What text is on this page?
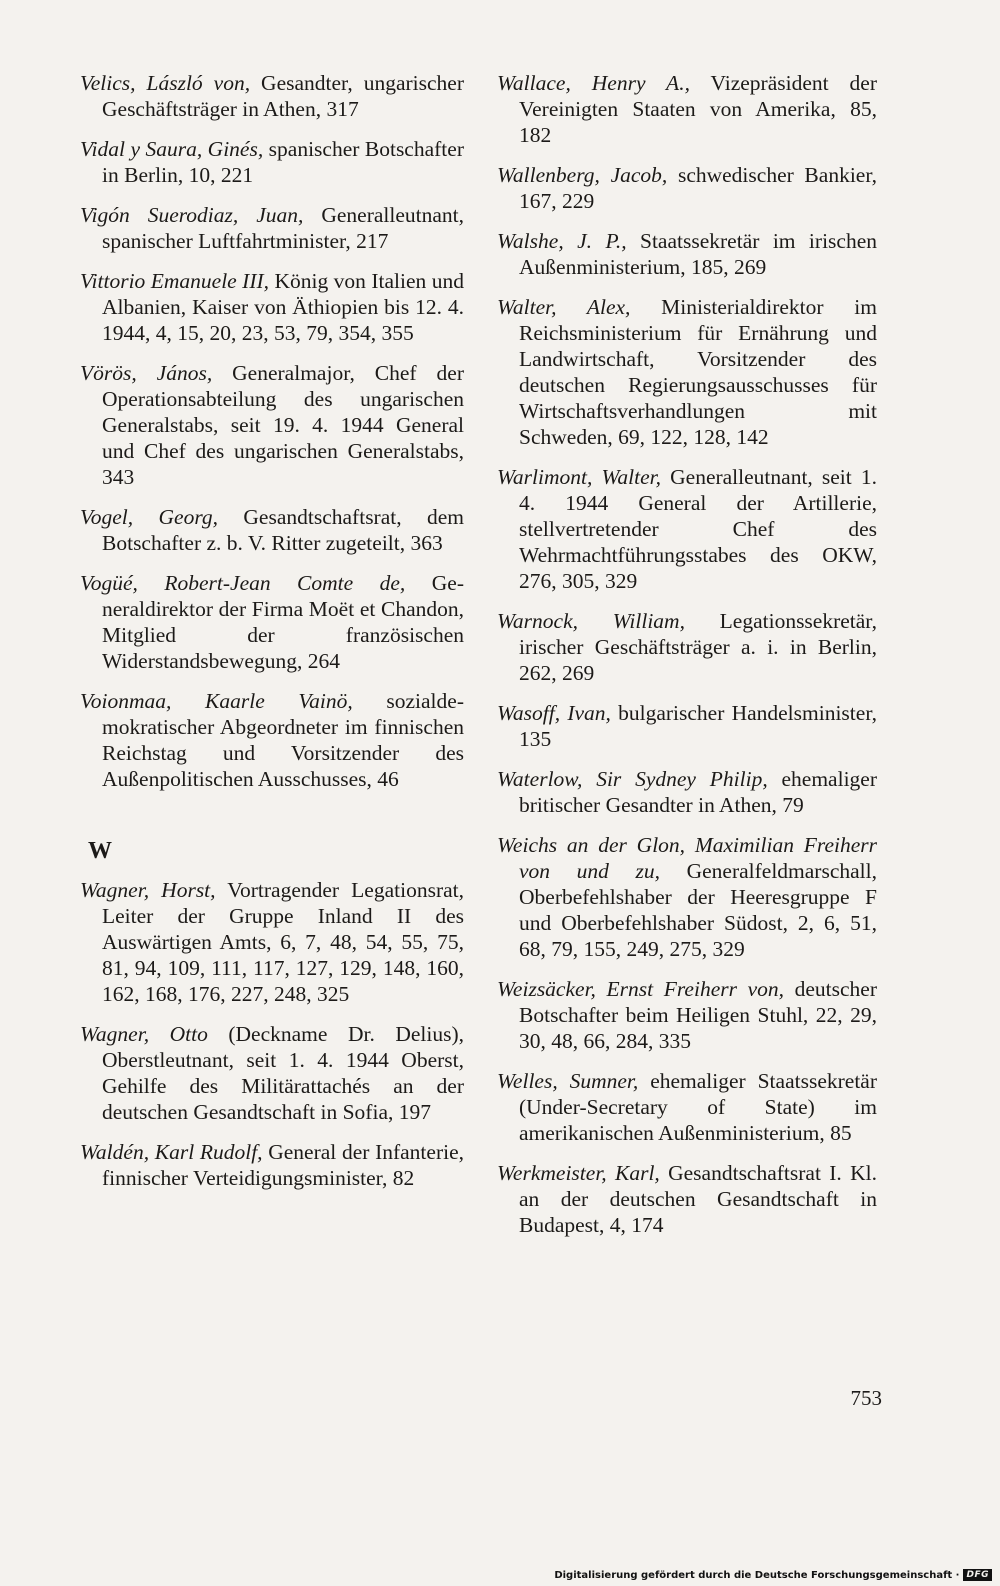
Velics, László von, Gesandter, ungarischer Geschäftsträger in Athen, 317

Vidal y Saura, Ginés, spanischer Botschafter in Berlin, 10, 221

Vigón Suerodiaz, Juan, Generalleutnant, spanischer Luftfahrtminister, 217

Vittorio Emanuele III, König von Italien und Albanien, Kaiser von Äthiopien bis 12. 4. 1944, 4, 15, 20, 23, 53, 79, 354, 355

Vörös, János, Generalmajor, Chef der Operationsabteilung des ungarischen Generalstabs, seit 19. 4. 1944 General und Chef des ungarischen Generalstabs, 343

Vogel, Georg, Gesandtschaftsrat, dem Botschafter z. b. V. Ritter zugeteilt, 363

Vogüé, Robert-Jean Comte de, Generaldirektor der Firma Moët et Chandon, Mitglied der französischen Widerstandsbewegung, 264

Voionmaa, Kaarle Vainö, sozialdemokratischer Abgeordneter im finnischen Reichstag und Vorsitzender des Außenpolitischen Ausschusses, 46

W

Wagner, Horst, Vortragender Legationsrat, Leiter der Gruppe Inland II des Auswärtigen Amts, 6, 7, 48, 54, 55, 75, 81, 94, 109, 111, 117, 127, 129, 148, 160, 162, 168, 176, 227, 248, 325

Wagner, Otto (Deckname Dr. Delius), Oberstleutnant, seit 1. 4. 1944 Oberst, Gehilfe des Militärattachés an der deutschen Gesandtschaft in Sofia, 197

Waldén, Karl Rudolf, General der Infanterie, finnischer Verteidigungsminister, 82

Wallace, Henry A., Vizepräsident der Vereinigten Staaten von Amerika, 85, 182

Wallenberg, Jacob, schwedischer Bankier, 167, 229

Walshe, J. P., Staatssekretär im irischen Außenministerium, 185, 269

Walter, Alex, Ministerialdirektor im Reichsministerium für Ernährung und Landwirtschaft, Vorsitzender des deutschen Regierungsausschusses für Wirtschaftsverhandlungen mit Schweden, 69, 122, 128, 142

Warlimont, Walter, Generalleutnant, seit 1. 4. 1944 General der Artillerie, stellvertretender Chef des Wehrmachtführungsstabes des OKW, 276, 305, 329

Warnock, William, Legationssekretär, irischer Geschäftsträger a. i. in Berlin, 262, 269

Wasoff, Ivan, bulgarischer Handelsminister, 135

Waterlow, Sir Sydney Philip, ehemaliger britischer Gesandter in Athen, 79

Weichs an der Glon, Maximilian Freiherr von und zu, Generalfeldmarschall, Oberbefehlshaber der Heeresgruppe F und Oberbefehlshaber Südost, 2, 6, 51, 68, 79, 155, 249, 275, 329

Weizsäcker, Ernst Freiherr von, deutscher Botschafter beim Heiligen Stuhl, 22, 29, 30, 48, 66, 284, 335

Welles, Sumner, ehemaliger Staatssekretär (Under-Secretary of State) im amerikanischen Außenministerium, 85

Werkmeister, Karl, Gesandtschaftsrat I. Kl. an der deutschen Gesandtschaft in Budapest, 4, 174

753
Digitalisierung gefördert durch die Deutsche Forschungsgemeinschaft · DFG
